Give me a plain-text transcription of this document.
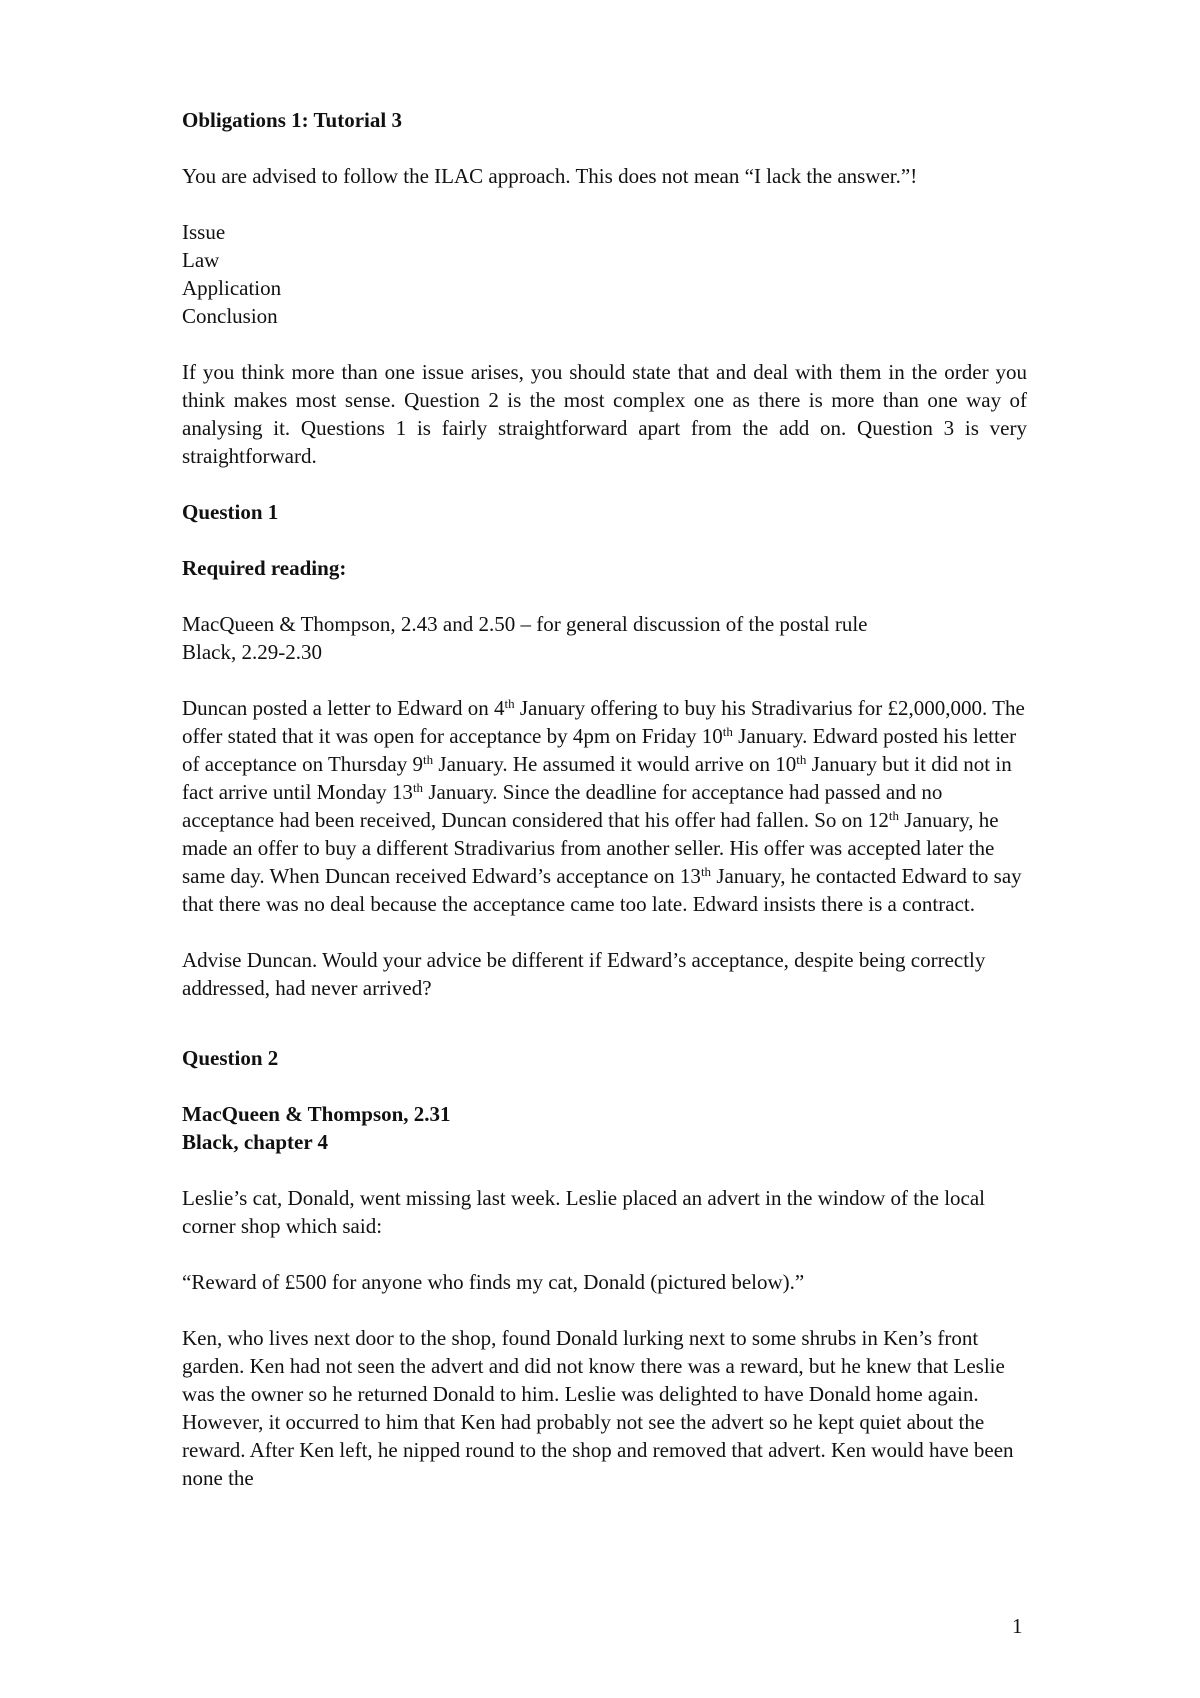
Obligations 1: Tutorial 3

You are advised to follow the ILAC approach. This does not mean “I lack the answer.”!

Issue

Law

Application

Conclusion

If you think more than one issue arises, you should state that and deal with them in the order you think makes most sense. Question 2 is the most complex one as there is more than one way of analysing it. Questions 1 is fairly straightforward apart from the add on. Question 3 is very straightforward.

Question 1

Required reading:

MacQueen & Thompson, 2.43 and 2.50 – for general discussion of the postal rule

Black, 2.29-2.30

Duncan posted a letter to Edward on 4th January offering to buy his Stradivarius for £2,000,000. The offer stated that it was open for acceptance by 4pm on Friday 10th January. Edward posted his letter of acceptance on Thursday 9th January. He assumed it would arrive on 10th January but it did not in fact arrive until Monday 13th January. Since the deadline for acceptance had passed and no acceptance had been received, Duncan considered that his offer had fallen. So on 12th January, he made an offer to buy a different Stradivarius from another seller. His offer was accepted later the same day. When Duncan received Edward’s acceptance on 13th January, he contacted Edward to say that there was no deal because the acceptance came too late. Edward insists there is a contract.

Advise Duncan. Would your advice be different if Edward’s acceptance, despite being correctly addressed, had never arrived?

Question 2

MacQueen & Thompson, 2.31

Black, chapter 4

Leslie’s cat, Donald, went missing last week. Leslie placed an advert in the window of the local corner shop which said:

“Reward of £500 for anyone who finds my cat, Donald (pictured below).”

Ken, who lives next door to the shop, found Donald lurking next to some shrubs in Ken’s front garden. Ken had not seen the advert and did not know there was a reward, but he knew that Leslie was the owner so he returned Donald to him. Leslie was delighted to have Donald home again. However, it occurred to him that Ken had probably not see the advert so he kept quiet about the reward. After Ken left, he nipped round to the shop and removed that advert. Ken would have been none the

1
